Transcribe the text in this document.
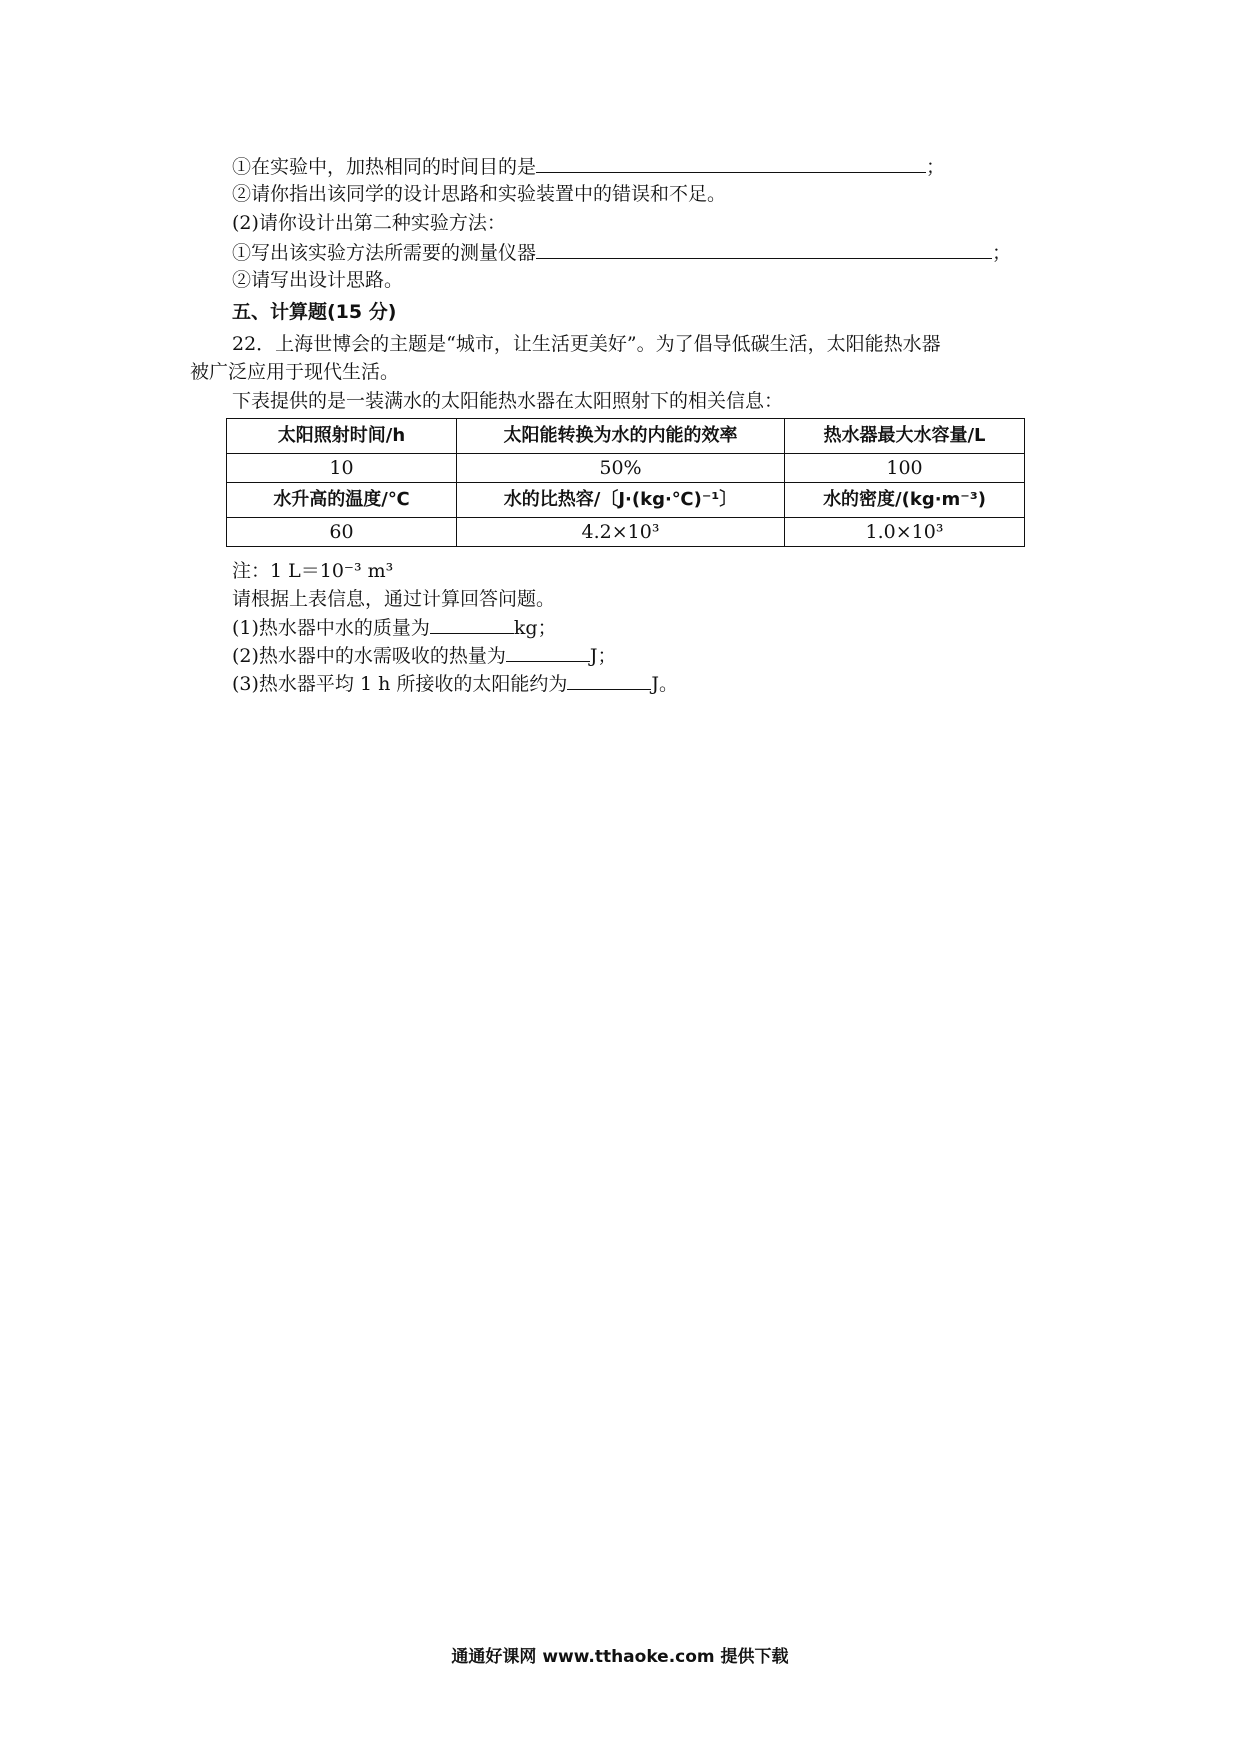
①在实验中，加热相同的时间目的是	；
②请你指出该同学的设计思路和实验装置中的错误和不足。
(2)请你设计出第二种实验方法：
①写出该实验方法所需要的测量仪器	；
②请写出设计思路。
五、计算题(15 分)
22．上海世博会的主题是“城市，让生活更美好”。为了倡导低碳生活，太阳能热水器
被广泛应用于现代生活。
下表提供的是一装满水的太阳能热水器在太阳照射下的相关信息：
太阳照射时间/h	太阳能转换为水的内能的效率	热水器最大水容量/L
10	50%	100
水升高的温度/℃	水的比热容/〔J·(kg·℃)⁻¹〕	水的密度/(kg·m⁻³)
60	4.2×10³	1.0×10³
注：1 L＝10⁻³ m³
请根据上表信息，通过计算回答问题。
(1)热水器中水的质量为	kg；
(2)热水器中的水需吸收的热量为	J；
(3)热水器平均 1 h 所接收的太阳能约为	J。
通通好课网 www.tthaoke.com 提供下载
